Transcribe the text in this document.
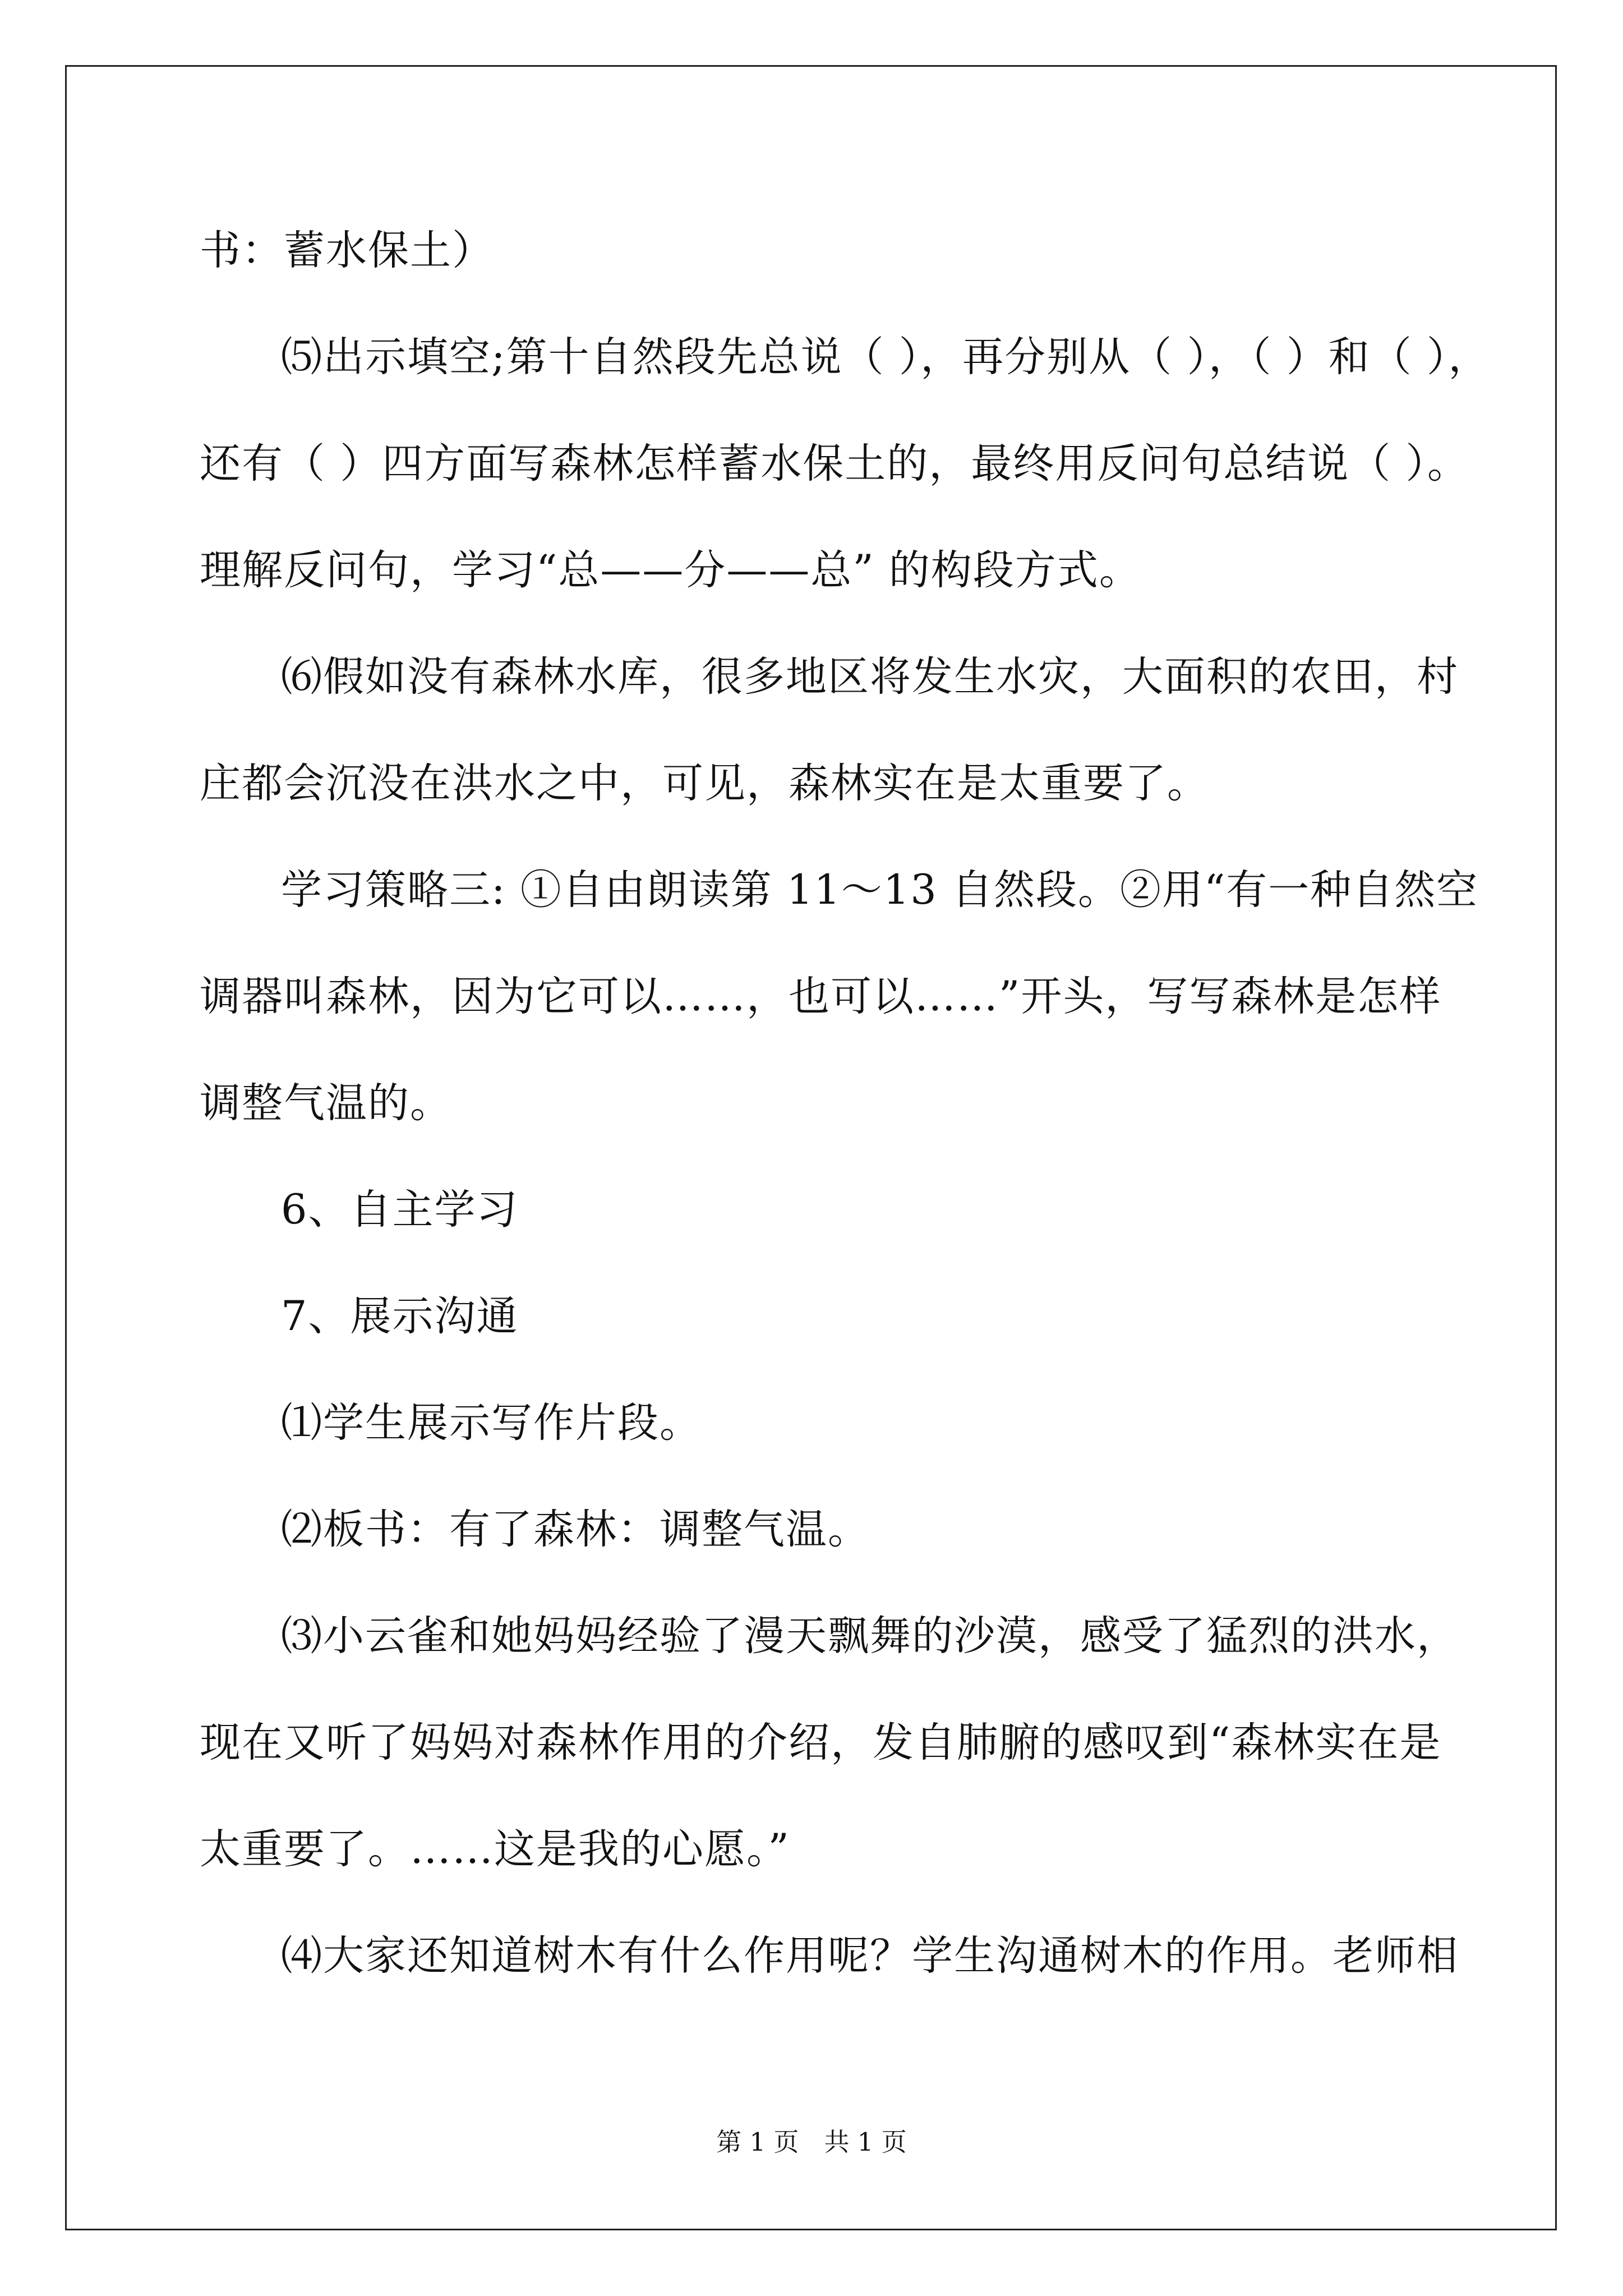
书：蓄水保土）
⑸出示填空;第十自然段先总说（ ），再分别从（ ），（ ）和（ ），
还有（ ）四方面写森林怎样蓄水保土的，最终用反问句总结说（ ）。
理解反问句，学习“总——分——总” 的构段方式。
⑹假如没有森林水库，很多地区将发生水灾，大面积的农田，村
庄都会沉没在洪水之中，可见，森林实在是太重要了。
学习策略三: ①自由朗读第 11～13 自然段。②用“有一种自然空
调器叫森林，因为它可以……，也可以……”开头，写写森林是怎样
调整气温的。
6、自主学习
7、展示沟通
⑴学生展示写作片段。
⑵板书：有了森林：调整气温。
⑶小云雀和她妈妈经验了漫天飘舞的沙漠，感受了猛烈的洪水，
现在又听了妈妈对森林作用的介绍，发自肺腑的感叹到“森林实在是
太重要了。……这是我的心愿。”
⑷大家还知道树木有什么作用呢？学生沟通树木的作用。老师相
第 1 页　共 1 页
